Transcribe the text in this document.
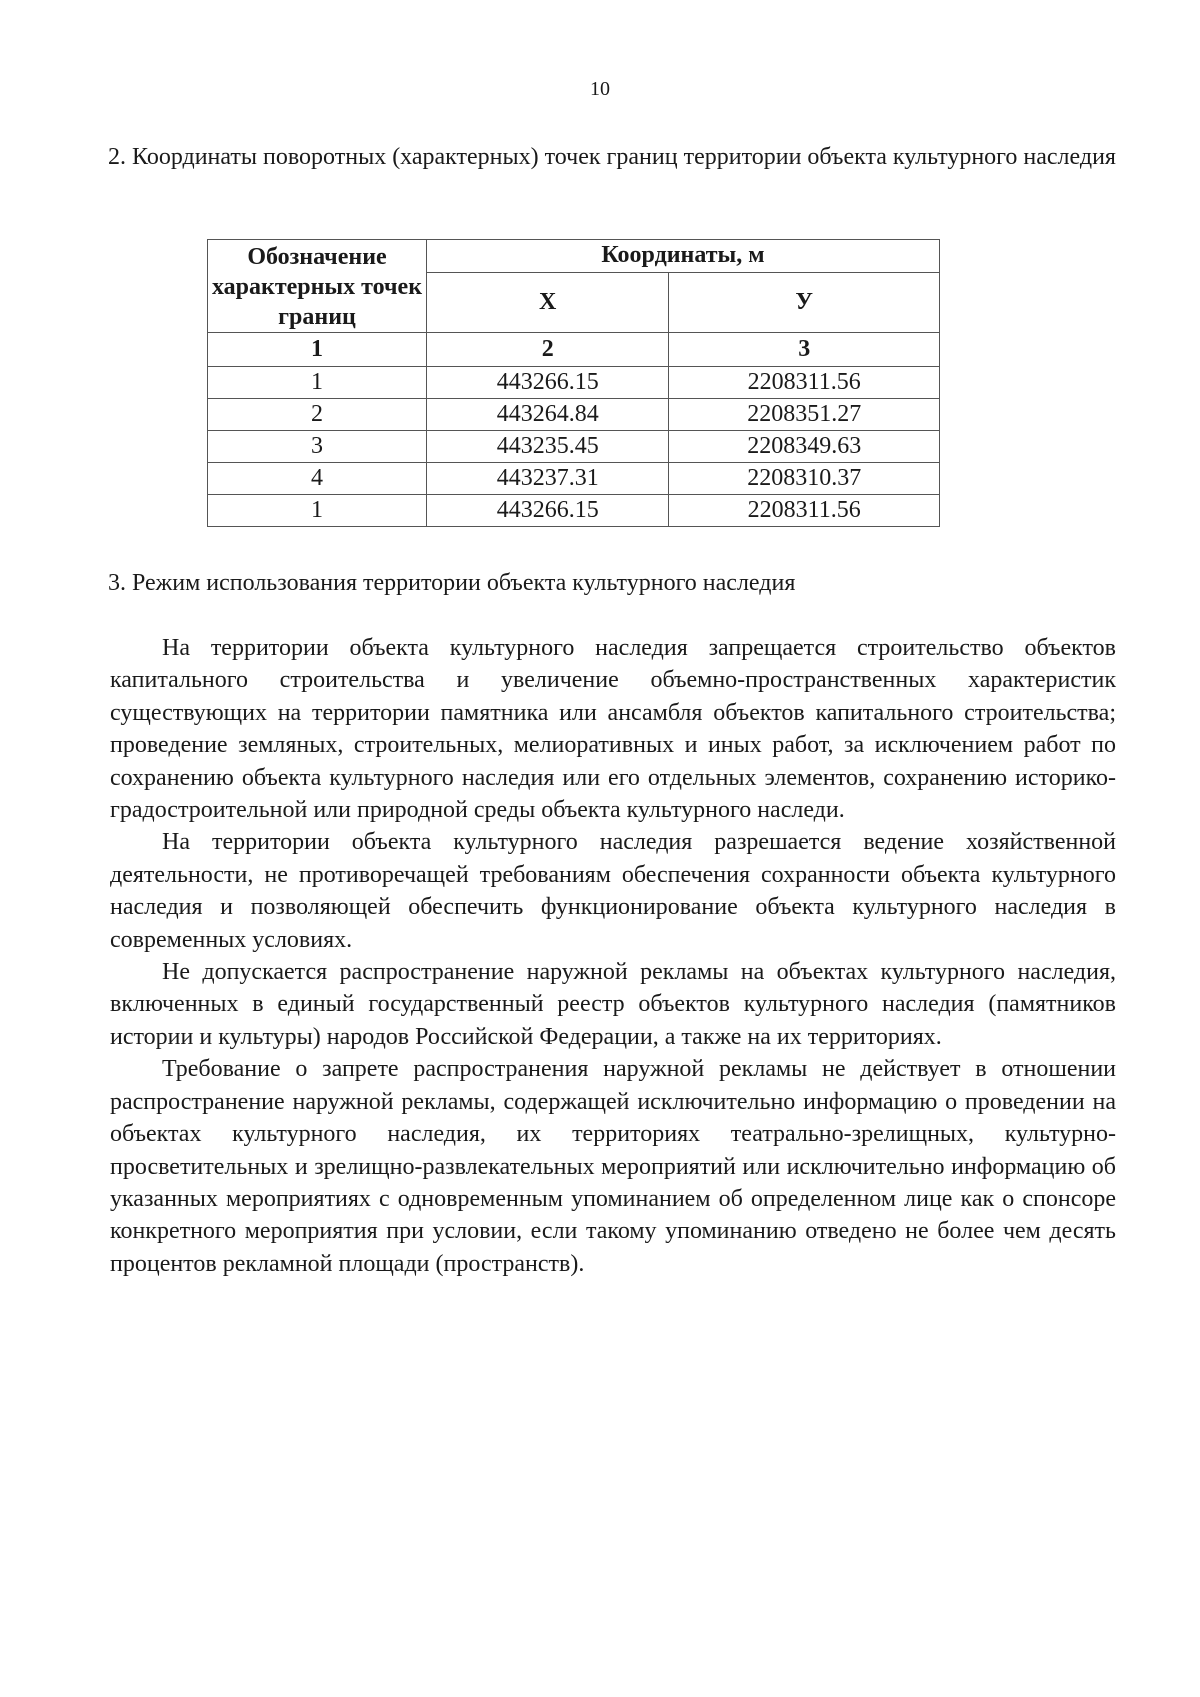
10
2. Координаты поворотных (характерных) точек границ территории объекта культурного наследия
Обозначение характерных точек границ	Координаты, м	
	X	У
1	2	3
1	443266.15	2208311.56
2	443264.84	2208351.27
3	443235.45	2208349.63
4	443237.31	2208310.37
1	443266.15	2208311.56
3. Режим использования территории объекта культурного наследия

На территории объекта культурного наследия запрещается строительство объектов капитального строительства и увеличение объемно-пространственных характеристик существующих на территории памятника или ансамбля объектов капитального строительства; проведение земляных, строительных, мелиоративных и иных работ, за исключением работ по сохранению объекта культурного наследия или его отдельных элементов, сохранению историко-градостроительной или природной среды объекта культурного наследи.

На территории объекта культурного наследия разрешается ведение хозяйственной деятельности, не противоречащей требованиям обеспечения сохранности объекта культурного наследия и позволяющей обеспечить функционирование объекта культурного наследия в современных условиях.

Не допускается распространение наружной рекламы на объектах культурного наследия, включенных в единый государственный реестр объектов культурного наследия (памятников истории и культуры) народов Российской Федерации, а также на их территориях.

Требование о запрете распространения наружной рекламы не действует в отношении распространение наружной рекламы, содержащей исключительно информацию о проведении на объектах культурного наследия, их территориях театрально-зрелищных, культурно-просветительных и зрелищно-развлекательных мероприятий или исключительно информацию об указанных мероприятиях с одновременным упоминанием об определенном лице как о спонсоре конкретного мероприятия при условии, если такому упоминанию отведено не более чем десять процентов рекламной площади (пространств).
